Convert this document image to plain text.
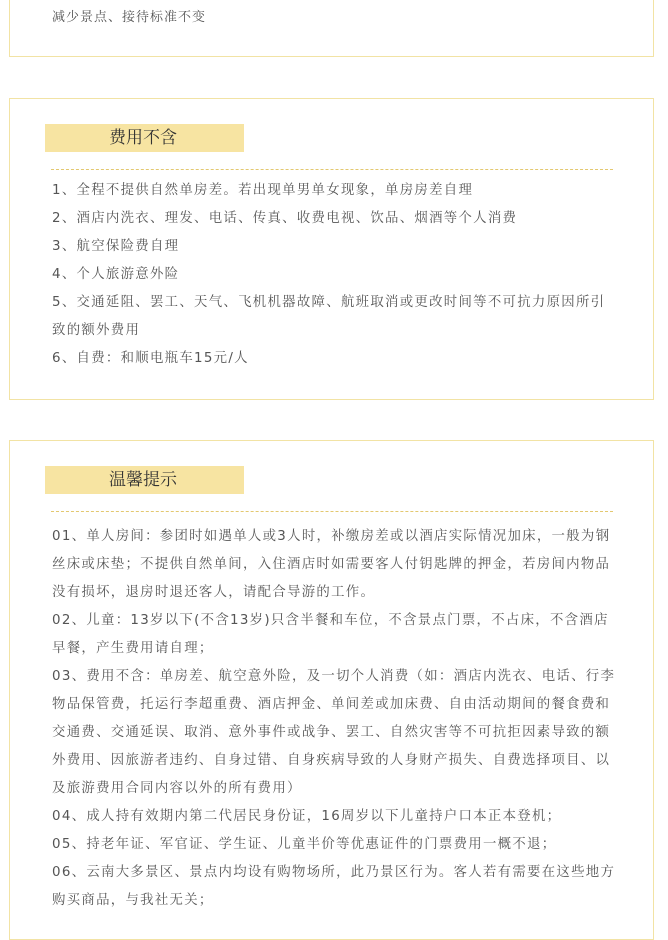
减少景点、接待标准不变
费用不含

1、全程不提供自然单房差。若出现单男单女现象，单房房差自理

2、酒店内洗衣、理发、电话、传真、收费电视、饮品、烟酒等个人消费

3、航空保险费自理

4、个人旅游意外险

5、交通延阻、罢工、天气、飞机机器故障、航班取消或更改时间等不可抗力原因所引致的额外费用

6、自费：和顺电瓶车15元/人

温馨提示

01、单人房间：参团时如遇单人或3人时，补缴房差或以酒店实际情况加床，一般为钢丝床或床垫；不提供自然单间，入住酒店时如需要客人付钥匙牌的押金，若房间内物品没有损坏，退房时退还客人，请配合导游的工作。

02、儿童：13岁以下(不含13岁)只含半餐和车位，不含景点门票，不占床，不含酒店早餐，产生费用请自理；

03、费用不含：单房差、航空意外险，及一切个人消费（如：酒店内洗衣、电话、行李物品保管费，托运行李超重费、酒店押金、单间差或加床费、自由活动期间的餐食费和交通费、交通延误、取消、意外事件或战争、罢工、自然灾害等不可抗拒因素导致的额外费用、因旅游者违约、自身过错、自身疾病导致的人身财产损失、自费选择项目、以及旅游费用合同内容以外的所有费用）

04、成人持有效期内第二代居民身份证，16周岁以下儿童持户口本正本登机；

05、持老年证、军官证、学生证、儿童半价等优惠证件的门票费用一概不退；

06、云南大多景区、景点内均设有购物场所，此乃景区行为。客人若有需要在这些地方购买商品，与我社无关；
